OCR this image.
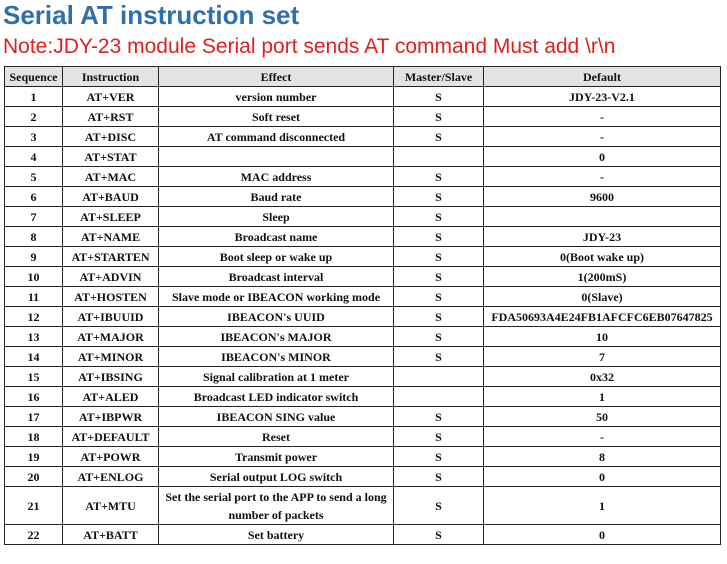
Serial AT instruction set
Note:JDY-23 module Serial port sends AT command Must add \r\n
Sequence	Instruction	Effect	Master/Slave	Default
1	AT+VER	version number	S	JDY-23-V2.1
2	AT+RST	Soft reset	S	-
3	AT+DISC	AT command disconnected	S	-
4	AT+STAT			0
5	AT+MAC	MAC address	S	-
6	AT+BAUD	Baud rate	S	9600
7	AT+SLEEP	Sleep	S	
8	AT+NAME	Broadcast name	S	JDY-23
9	AT+STARTEN	Boot sleep or wake up	S	0(Boot wake up)
10	AT+ADVIN	Broadcast interval	S	1(200mS)
11	AT+HOSTEN	Slave mode or IBEACON working mode	S	0(Slave)
12	AT+IBUUID	IBEACON's UUID	S	FDA50693A4E24FB1AFCFC6EB07647825
13	AT+MAJOR	IBEACON's MAJOR	S	10
14	AT+MINOR	IBEACON's MINOR	S	7
15	AT+IBSING	Signal calibration at 1 meter		0x32
16	AT+ALED	Broadcast LED indicator switch		1
17	AT+IBPWR	IBEACON SING value	S	50
18	AT+DEFAULT	Reset	S	-
19	AT+POWR	Transmit power	S	8
20	AT+ENLOG	Serial output LOG switch	S	0
21	AT+MTU	Set the serial port to the APP to send a long number of packets	S	1
22	AT+BATT	Set battery	S	0
